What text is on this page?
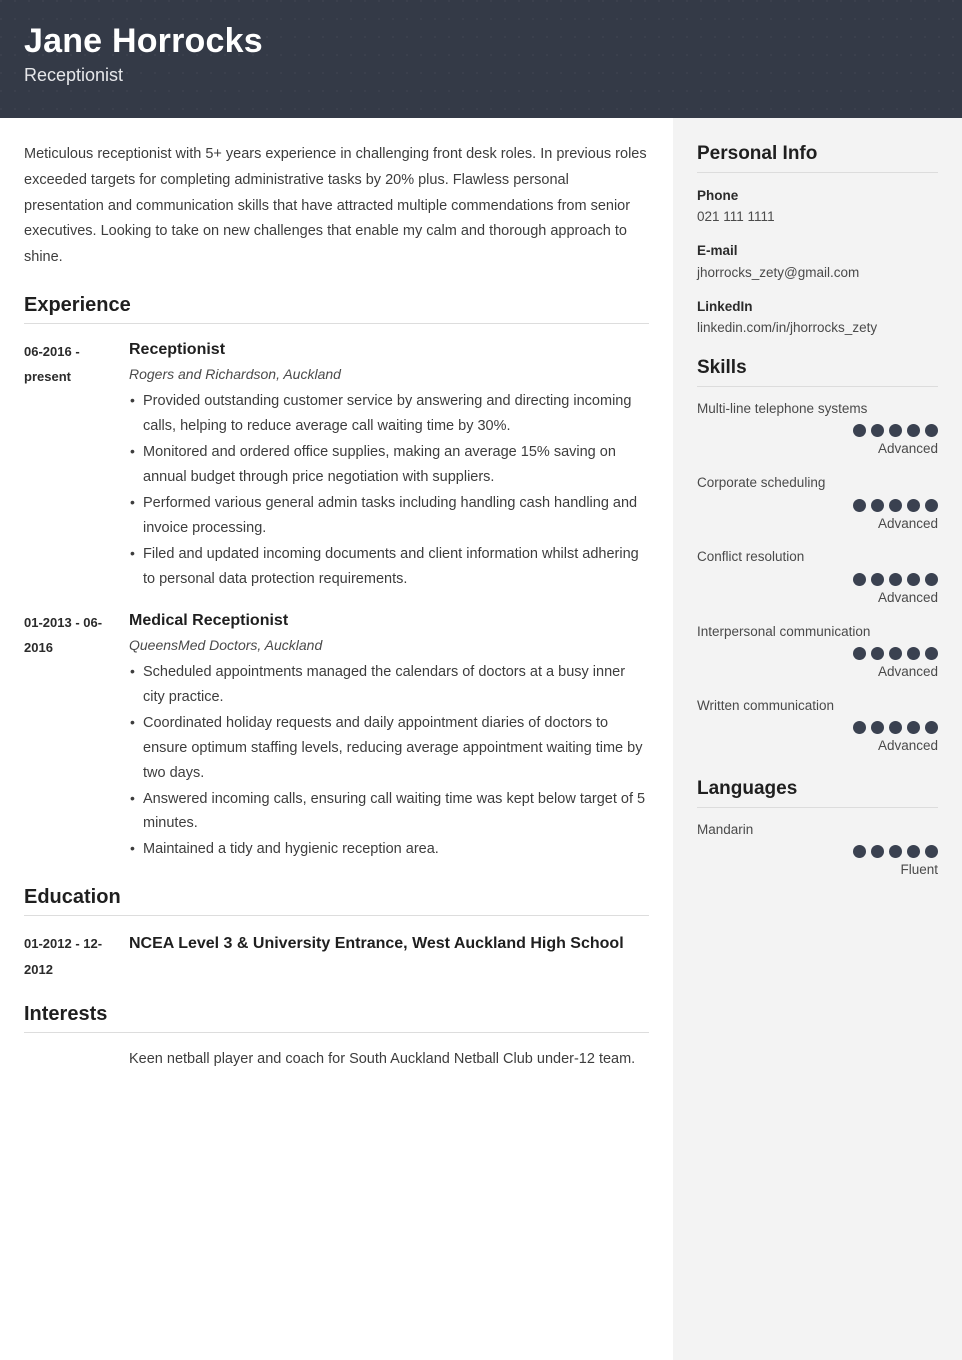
Jane Horrocks
Receptionist

Meticulous receptionist with 5+ years experience in challenging front desk roles. In previous roles exceeded targets for completing administrative tasks by 20% plus. Flawless personal presentation and communication skills that have attracted multiple commendations from senior executives. Looking to take on new challenges that enable my calm and thorough approach to shine.

Experience
06-2016 - present
Receptionist
Rogers and Richardson, Auckland
• Provided outstanding customer service by answering and directing incoming calls, helping to reduce average call waiting time by 30%.
• Monitored and ordered office supplies, making an average 15% saving on annual budget through price negotiation with suppliers.
• Performed various general admin tasks including handling cash handling and invoice processing.
• Filed and updated incoming documents and client information whilst adhering to personal data protection requirements.
01-2013 - 06-2016
Medical Receptionist
QueensMed Doctors, Auckland
• Scheduled appointments managed the calendars of doctors at a busy inner city practice.
• Coordinated holiday requests and daily appointment diaries of doctors to ensure optimum staffing levels, reducing average appointment waiting time by two days.
• Answered incoming calls, ensuring call waiting time was kept below target of 5 minutes.
• Maintained a tidy and hygienic reception area.
Education
01-2012 - 12-2012
NCEA Level 3 & University Entrance, West Auckland High School
Interests
Keen netball player and coach for South Auckland Netball Club under-12 team.
Personal Info
Phone
021 111 1111
E-mail
jhorrocks_zety@gmail.com
LinkedIn
linkedin.com/in/jhorrocks_zety
Skills
Multi-line telephone systems
Advanced
Corporate scheduling
Advanced
Conflict resolution
Advanced
Interpersonal communication
Advanced
Written communication
Advanced
Languages
Mandarin
Fluent
